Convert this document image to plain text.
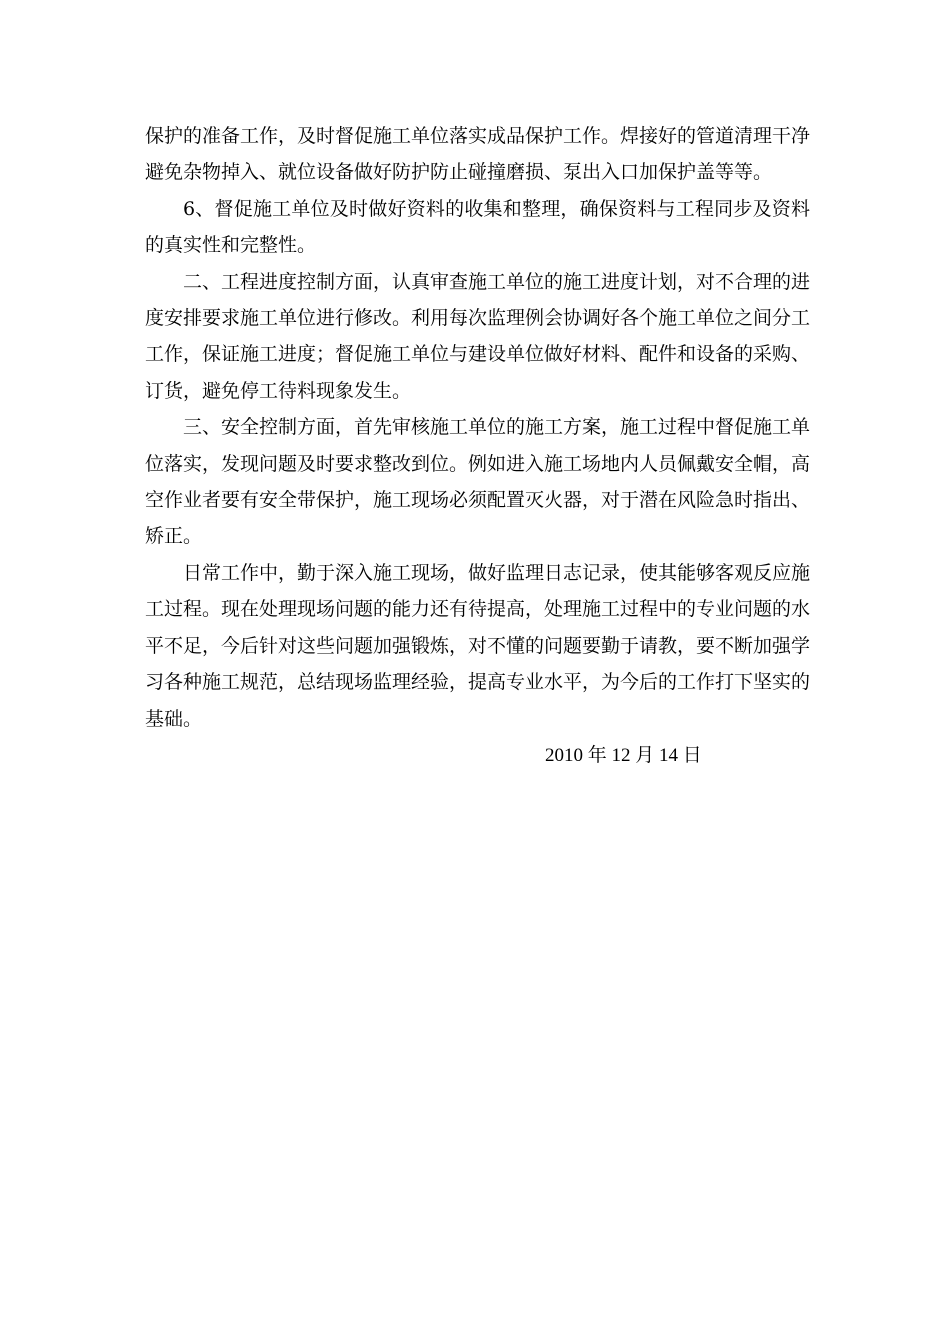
保护的准备工作，及时督促施工单位落实成品保护工作。焊接好的管道清理干净避免杂物掉入、就位设备做好防护防止碰撞磨损、泵出入口加保护盖等等。

6、督促施工单位及时做好资料的收集和整理，确保资料与工程同步及资料的真实性和完整性。

二、工程进度控制方面，认真审查施工单位的施工进度计划，对不合理的进度安排要求施工单位进行修改。利用每次监理例会协调好各个施工单位之间分工工作，保证施工进度；督促施工单位与建设单位做好材料、配件和设备的采购、订货，避免停工待料现象发生。

三、安全控制方面，首先审核施工单位的施工方案，施工过程中督促施工单位落实，发现问题及时要求整改到位。例如进入施工场地内人员佩戴安全帽，高空作业者要有安全带保护，施工现场必须配置灭火器，对于潜在风险急时指出、矫正。

日常工作中，勤于深入施工现场，做好监理日志记录，使其能够客观反应施工过程。现在处理现场问题的能力还有待提高，处理施工过程中的专业问题的水平不足，今后针对这些问题加强锻炼，对不懂的问题要勤于请教，要不断加强学习各种施工规范，总结现场监理经验，提高专业水平，为今后的工作打下坚实的基础。

2010 年 12 月 14 日
